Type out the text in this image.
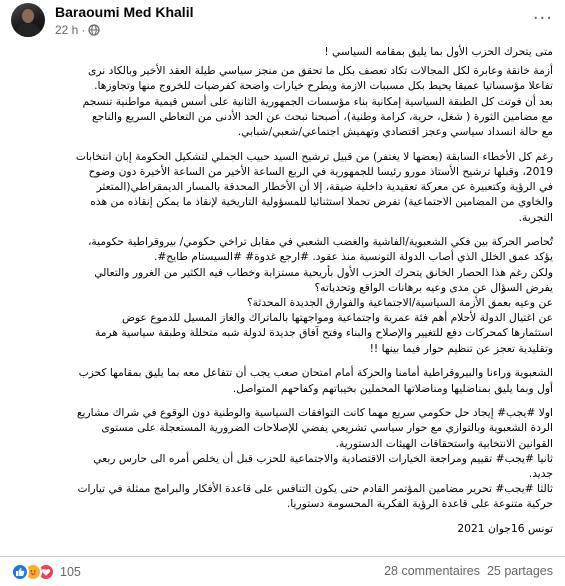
Baraoumi Med Khalil
22 h ·
···
متى يتحرك الحزب الأول بما يليق بمقامه السياسي !
أزمة خانقة وعابرة لكل المجالات تكاد تعصف بكل ما تحقق من منجز سياسي طيلة العقد الأخير وبالكاد نرى
تفاعلا مؤسساتيا عميقا يحيط بكل مسببات الازمة ويطرح خيارات واضحة كفرضيات للخروج منها وتجاوزها.
بعد أن فوتت كل الطبقة السياسية إمكانية بناء مؤسسات الجمهورية الثانية على أسس قيمية مواطنية تنسجم
مع مضامين الثورة ( شغل، حرية، كرامة وطنية)، أصبحنا نبحث عن الحد الأدنى من التعاطي السريع والناجع
مع حالة انسداد سياسي وعجز اقتصادي وتهميش اجتماعي/شعبي/شبابي.
رغم كل الأخطاء السابقة (بعضها لا يغتفر) من قبيل ترشيح السيد حبيب الجملي لتشكيل الحكومة إبان انتخابات
2019، وقبلها ترشيح الأستاذ مورو رئيسا للجمهورية في الربع الساعة الأخير من الساعة الأخيرة دون وضوح
في الرؤية وكتعبيرة عن معركة تعقيدية داخلية ضيقة، إلا أن الأخطار المحدقة بالمسار الديمقراطي(المتعثر
والخاوي من المضامين الاجتماعية) تفرض تحملا استثنائيا للمسؤولية التاريخية لإنقاذ ما يمكن إنقاذه من هذه
التجربة.
تُحاصر الحركة بين فكي الشعبوية/الفاشية والغضب الشعبي في مقابل تراخي حكومي/ بيروقراطية حكومية،
يؤكد عمق الخلل الذي أصاب الدولة التونسية منذ عقود. #ارجع غدوة# #السيستام طايح#.
ولكن رغم هذا الحصار الخانق يتحرك الحزب الأول بأريحية مستزابة وخطاب فيه الكثير من الغرور والتعالي
يفرض السؤال عن مدى وعيه برهانات الواقع وتحدياته؟
عن وعيه بعمق الأزمة السياسية/الاجتماعية والفوارق الجديدة المحدثة؟
عن اغتيال الدولة لأحلام أهم فئة عمرية واجتماعية ومواجهتها بالماتراك والغاز المسيل للدموع عوض
استثمارها كمحركات دفع للتغيير والإصلاح والبناء وفتح آفاق جديدة لدولة شبه متحللة وطبقة سياسية هرمة
وتقليدية تعجز عن تنظيم حوار فيما بينها !!
الشعبوية وراءنا والبيروقراطية أمامنا والحركة أمام امتحان صعب يجب أن تتفاعل معه بما يليق بمقامها كحزب
أول وبما يليق بمناضليها ومناضلاتها المحملين بخيباتهم وكفاحهم المتواصل.
اولا #يجب# إيجاد حل حكومي سريع مهما كانت التوافقات السياسية والوطنية دون الوقوع في شراك مشاريع
الردة الشعبوية وبالتوازي مع حوار سياسي تشريعي يفضي للإصلاحات الضرورية المستعجلة على مستوى
القوانين الانتخابية واستحقاقات الهيئات الدستورية.
ثانيا #يجب# تقييم ومراجعة الخيارات الاقتصادية والاجتماعية للحزب قبل أن يخلص أمره الى حارس ربعي
جديد.
ثالثا #يجب# تحرير مضامين المؤتمر القادم حتى يكون التنافس على قاعدة الأفكار والبرامج ممثلة في تيارات
حركية متنوعة على قاعدة الرؤية الفكرية المحسومة دستوريا.
تونس 16جوان 2021
105	28 commentaires 25 partages
